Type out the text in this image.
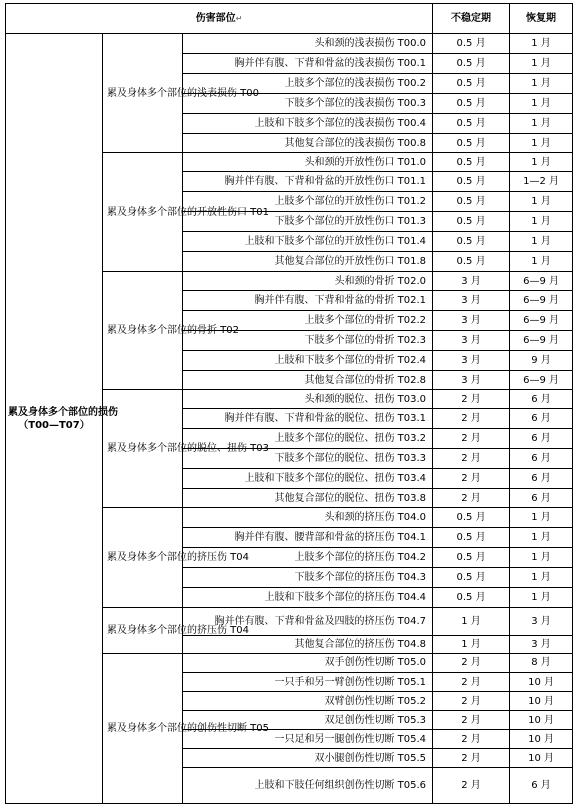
伤害部位↵			不稳定期	恢复期

累及身体多个部位的损伤
（T00—T07）	累及身体多个部位的浅表损伤 T00	头和颈的浅表损伤 T00.0	0.5 月	1 月
		胸并伴有腹、下背和骨盆的浅表损伤 T00.1	0.5 月	1 月
		上肢多个部位的浅表损伤 T00.2	0.5 月	1 月
		下肢多个部位的浅表损伤 T00.3	0.5 月	1 月
		上肢和下肢多个部位的浅表损伤 T00.4	0.5 月	1 月
		其他复合部位的浅表损伤 T00.8	0.5 月	1 月
	累及身体多个部位的开放性伤口 T01	头和颈的开放性伤口 T01.0	0.5 月	1 月
		胸并伴有腹、下背和骨盆的开放性伤口 T01.1	0.5 月	1—2 月
		上肢多个部位的开放性伤口 T01.2	0.5 月	1 月
		下肢多个部位的开放性伤口 T01.3	0.5 月	1 月
		上肢和下肢多个部位的开放性伤口 T01.4	0.5 月	1 月
		其他复合部位的开放性伤口 T01.8	0.5 月	1 月
	累及身体多个部位的骨折 T02	头和颈的骨折 T02.0	3 月	6—9 月
		胸并伴有腹、下背和骨盆的骨折 T02.1	3 月	6—9 月
		上肢多个部位的骨折 T02.2	3 月	6—9 月
		下肢多个部位的骨折 T02.3	3 月	6—9 月
		上肢和下肢多个部位的骨折 T02.4	3 月	9 月
		其他复合部位的骨折 T02.8	3 月	6—9 月
	累及身体多个部位的脱位、扭伤 T03	头和颈的脱位、扭伤 T03.0	2 月	6 月
		胸并伴有腹、下背和骨盆的脱位、扭伤 T03.1	2 月	6 月
		上肢多个部位的脱位、扭伤 T03.2	2 月	6 月
		下肢多个部位的脱位、扭伤 T03.3	2 月	6 月
		上肢和下肢多个部位的脱位、扭伤 T03.4	2 月	6 月
		其他复合部位的脱位、扭伤 T03.8	2 月	6 月
	累及身体多个部位的挤压伤 T04	头和颈的挤压伤 T04.0	0.5 月	1 月
		胸并伴有腹、腰背部和骨盆的挤压伤 T04.1	0.5 月	1 月
		上肢多个部位的挤压伤 T04.2	0.5 月	1 月
		下肢多个部位的挤压伤 T04.3	0.5 月	1 月
		上肢和下肢多个部位的挤压伤 T04.4	0.5 月	1 月
	累及身体多个部位的挤压伤 T04	胸并伴有腹、下背和骨盆及四肢的挤压伤 T04.7	1 月	3 月
		其他复合部位的挤压伤 T04.8	1 月	3 月
	累及身体多个部位的创伤性切断 T05	双手创伤性切断 T05.0	2 月	8 月
		一只手和另一臂创伤性切断 T05.1	2 月	10 月
		双臂创伤性切断 T05.2	2 月	10 月
		双足创伤性切断 T05.3	2 月	10 月
		一只足和另一腿创伤性切断 T05.4	2 月	10 月
		双小腿创伤性切断 T05.5	2 月	10 月
		上肢和下肢任何组织创伤性切断 T05.6	2 月	6 月
